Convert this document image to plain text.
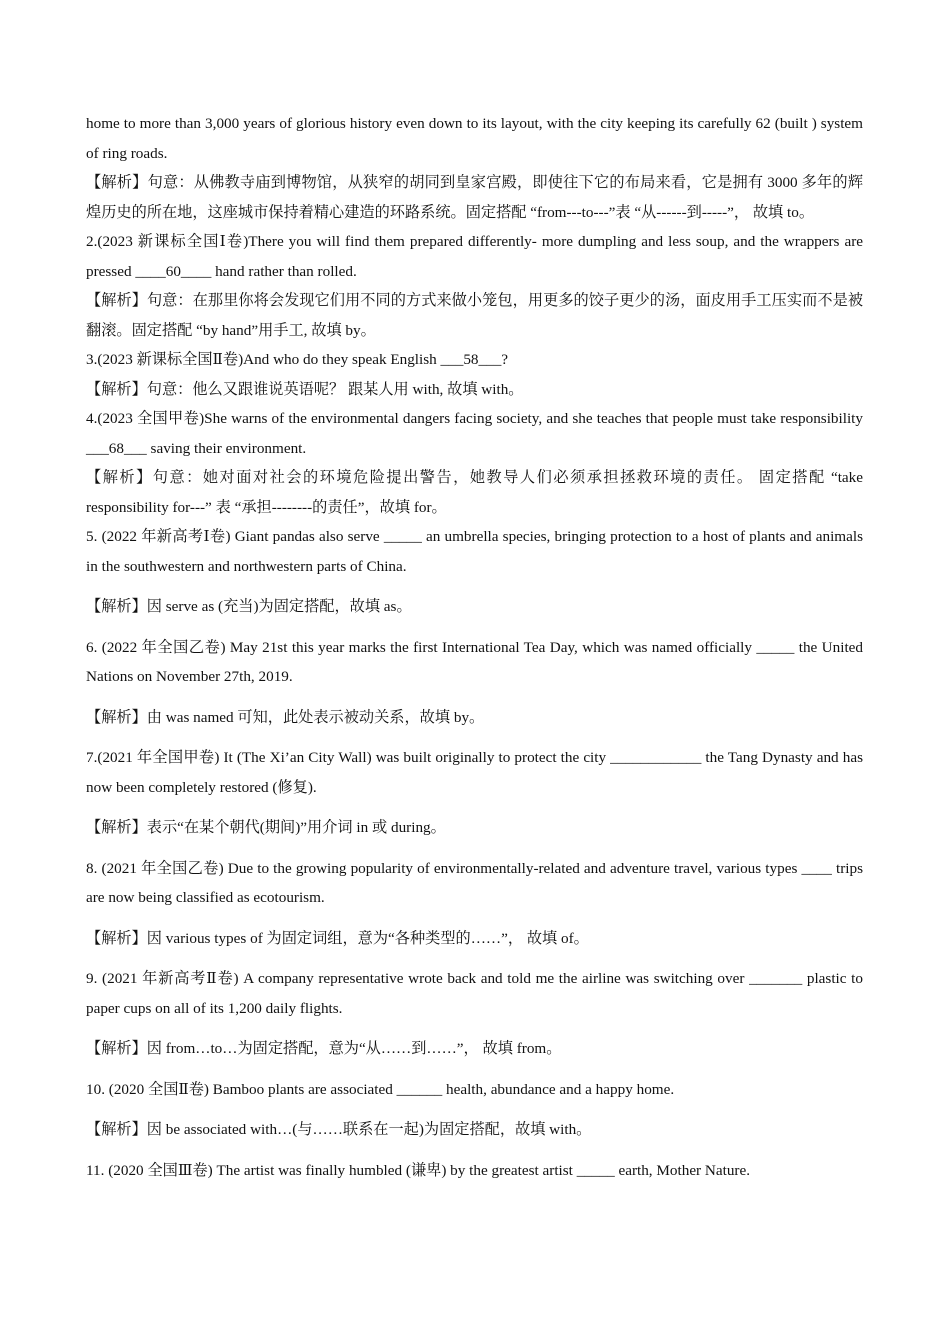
home to more than 3,000 years of glorious history even down to its layout, with the city keeping its carefully 62 (built ) system of ring roads.

【解析】句意：从佛教寺庙到博物馆，从狭窄的胡同到皇家宫殿，即使往下它的布局来看，它是拥有 3000 多年的辉煌历史的所在地，这座城市保持着精心建造的环路系统。固定搭配 “from---to---”表 “从------到-----”， 故填 to。

2.(2023 新课标全国Ⅰ卷)There you will find them prepared differently- more dumpling and less soup, and the wrappers are pressed ____60____ hand rather than rolled.

【解析】句意：在那里你将会发现它们用不同的方式来做小笼包，用更多的饺子更少的汤，面皮用手工压实而不是被翻滚。固定搭配 “by hand”用手工, 故填 by。

3.(2023 新课标全国Ⅱ卷)And who do they speak English ___58___?

【解析】句意：他么又跟谁说英语呢？ 跟某人用 with, 故填 with。

4.(2023 全国甲卷)She warns of the environmental dangers facing society, and she teaches that people must take responsibility ___68___ saving their environment.

【解析】句意：她对面对社会的环境危险提出警告，她教导人们必须承担拯救环境的责任。 固定搭配 “take responsibility for---” 表 “承担--------的责任”，故填 for。

5. (2022 年新高考Ⅰ卷) Giant pandas also serve _____ an umbrella species, bringing protection to a host of plants and animals in the southwestern and northwestern parts of China.

【解析】因 serve as (充当)为固定搭配，故填 as。

6. (2022 年全国乙卷) May 21st this year marks the first International Tea Day, which was named officially _____ the United Nations on November 27th, 2019.

【解析】由 was named 可知，此处表示被动关系，故填 by。

7.(2021 年全国甲卷) It (The Xi’an City Wall) was built originally to protect the city ____________ the Tang Dynasty and has now been completely restored (修复).

【解析】表示“在某个朝代(期间)”用介词 in 或 during。

8. (2021 年全国乙卷) Due to the growing popularity of environmentally-related and adventure travel, various types ____ trips are now being classified as ecotourism.

【解析】因 various types of 为固定词组，意为“各种类型的……”， 故填 of。

9. (2021 年新高考Ⅱ卷) A company representative wrote back and told me the airline was switching over _______ plastic to paper cups on all of its 1,200 daily flights.

【解析】因 from…to…为固定搭配，意为“从……到……”， 故填 from。

10. (2020 全国Ⅱ卷) Bamboo plants are associated ______ health, abundance and a happy home.

【解析】因 be associated with…(与……联系在一起)为固定搭配，故填 with。

11. (2020 全国Ⅲ卷) The artist was finally humbled (谦卑) by the greatest artist _____ earth, Mother Nature.
